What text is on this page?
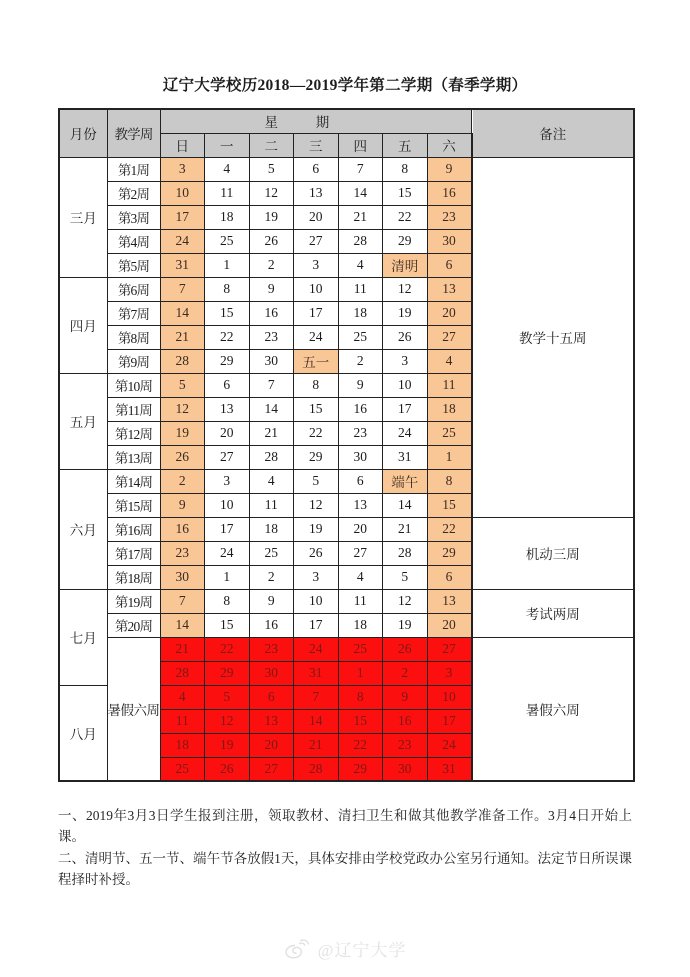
辽宁大学校历2018—2019学年第二学期（春季学期）
月份	教学周	星期							备注
		日	一	二	三	四	五	六	
三月	第1周	3	4	5	6	7	8	9	教学十五周
	第2周	10	11	12	13	14	15	16	
	第3周	17	18	19	20	21	22	23	
	第4周	24	25	26	27	28	29	30	
	第5周	31	1	2	3	4	清明	6	
四月	第6周	7	8	9	10	11	12	13	
	第7周	14	15	16	17	18	19	20	
	第8周	21	22	23	24	25	26	27	
	第9周	28	29	30	五一	2	3	4	
五月	第10周	5	6	7	8	9	10	11	
	第11周	12	13	14	15	16	17	18	
	第12周	19	20	21	22	23	24	25	
	第13周	26	27	28	29	30	31	1	
六月	第14周	2	3	4	5	6	端午	8	
	第15周	9	10	11	12	13	14	15	
	第16周	16	17	18	19	20	21	22	机动三周
	第17周	23	24	25	26	27	28	29	
	第18周	30	1	2	3	4	5	6	
七月	第19周	7	8	9	10	11	12	13	考试两周
	第20周	14	15	16	17	18	19	20	
	暑假六周	21	22	23	24	25	26	27	暑假六周
		28	29	30	31	1	2	3	
八月		4	5	6	7	8	9	10	
		11	12	13	14	15	16	17	
		18	19	20	21	22	23	24	
		25	26	27	28	29	30	31	

一、2019年3月3日学生报到注册，领取教材、清扫卫生和做其他教学准备工作。3月4日开始上课。

二、清明节、五一节、端午节各放假1天，具体安排由学校党政办公室另行通知。法定节日所误课程择时补授。

@辽宁大学
